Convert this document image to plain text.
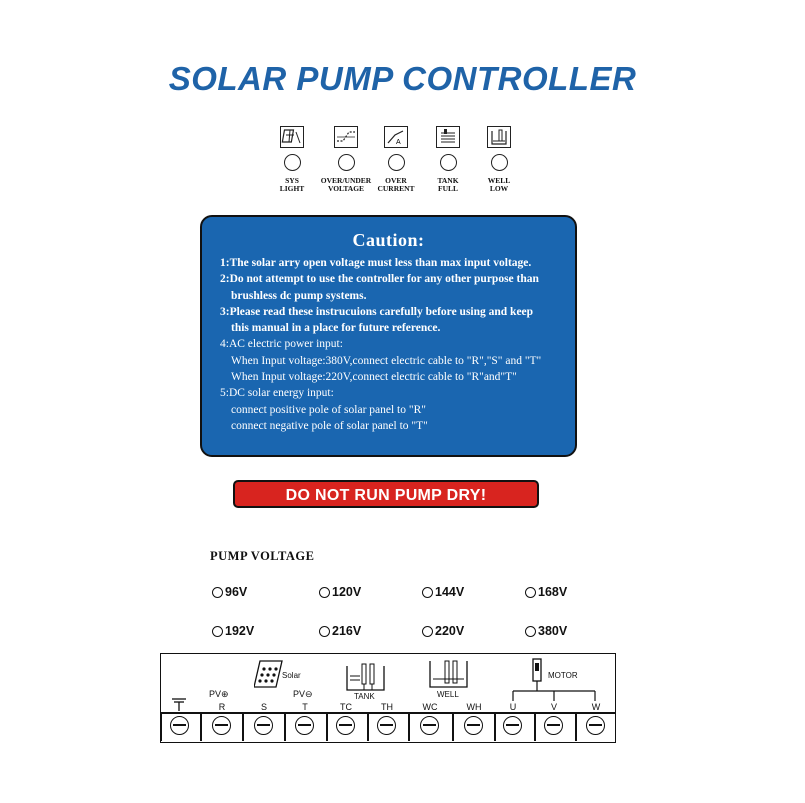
SOLAR PUMP CONTROLLER
SYS
LIGHT
OVER/UNDER
VOLTAGE
A
OVER
CURRENT
TANK
FULL
WELL
LOW
Caution:
1:The solar arry open voltage must less than max input voltage.
2:Do not attempt to use the controller for any other purpose than
brushless dc pump systems.
3:Please read these instrucuions carefully before using and keep
this manual in a place for future reference.
4:AC electric power input:
When Input voltage:380V,connect electric cable to "R","S" and "T"
When Input voltage:220V,connect electric cable to "R"and"T"
5:DC solar energy input:
connect positive pole of solar panel to "R"
connect negative pole of solar panel to "T"
DO NOT RUN PUMP DRY!
PUMP VOLTAGE
96V	120V	144V	168V
192V	216V	220V	380V
Solar
PV⊕	PV⊖	TANK	WELL
MOTOR
R	S	T	TC	TH	WC	WH	U	V	W
